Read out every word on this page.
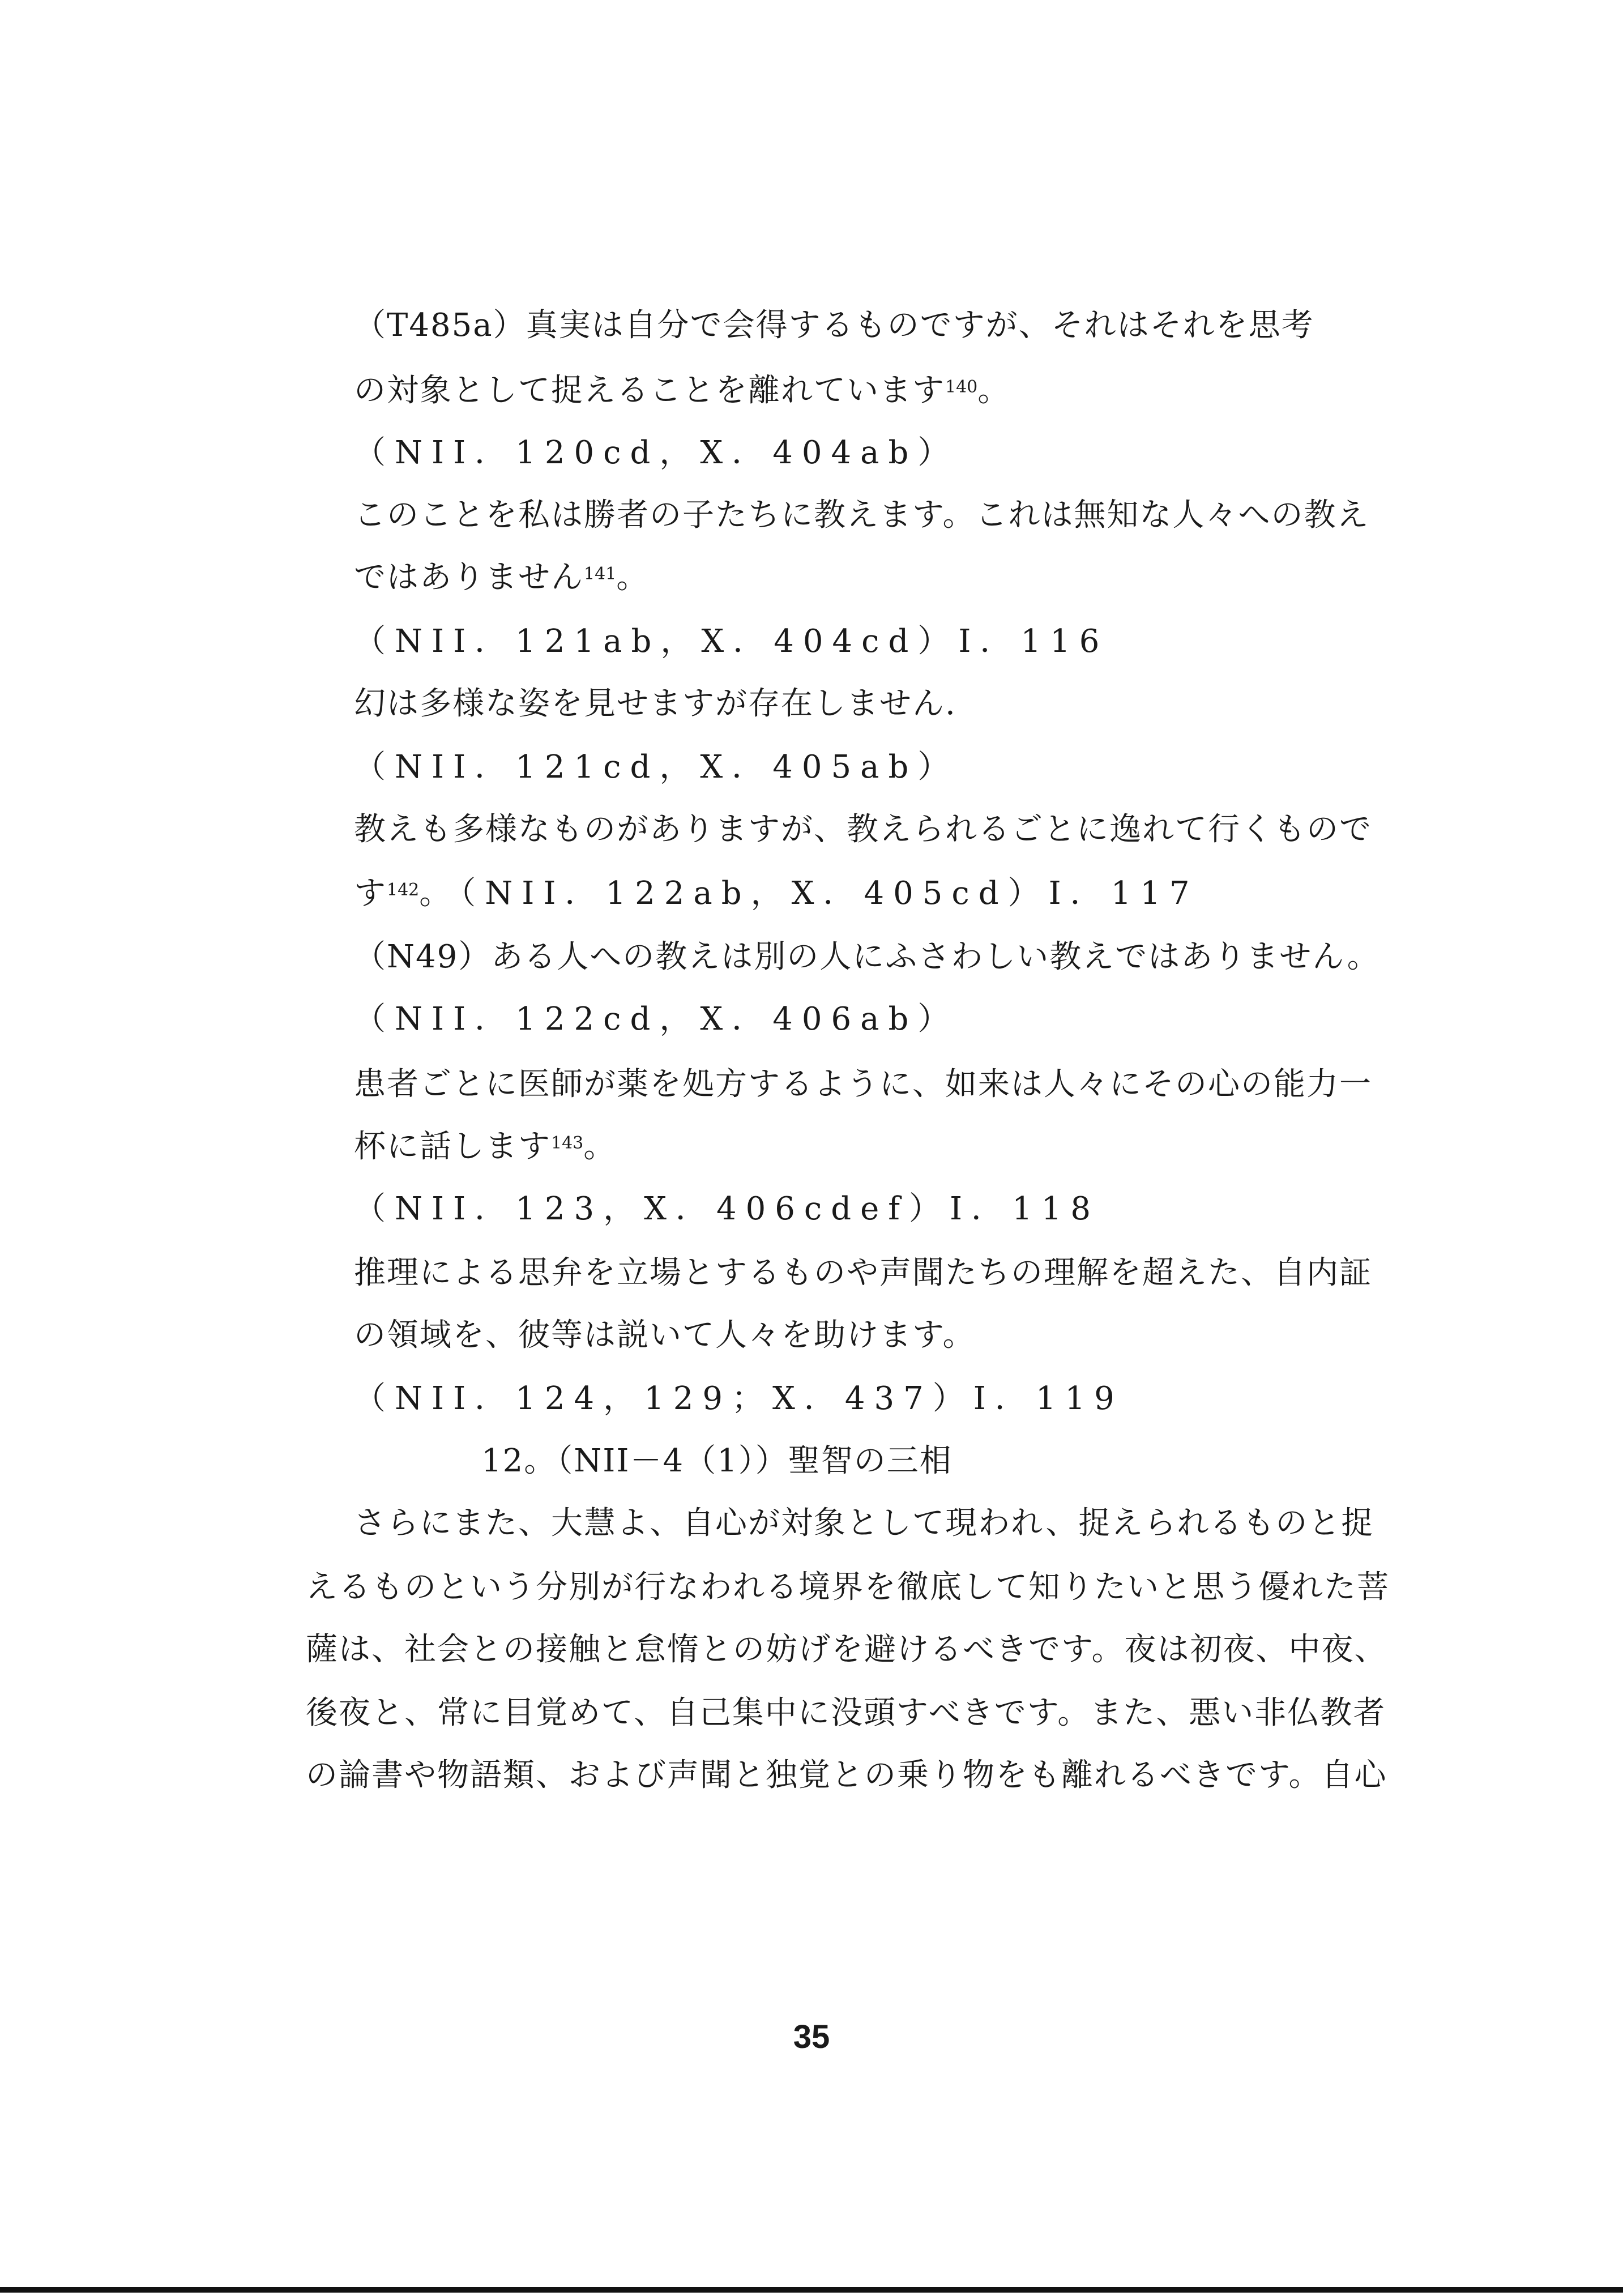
（T485a）真実は自分で会得するものですが、それはそれを思考
の対象として捉えることを離れています$^{140}$。
（NII．120cd，X．404ab）
このことを私は勝者の子たちに教えます。これは無知な人々への教え
ではありません$^{141}$。
（NII．121ab，X．404cd）I．116
幻は多様な姿を見せますが存在しません.
（NII．121cd，X．405ab）
教えも多様なものがありますが、教えられるごとに逸れて行くもので
す$^{142}$。（NII．122ab，X．405cd）I．117
（N49）ある人への教えは別の人にふさわしい教えではありません。
（NII．122cd，X．406ab）
患者ごとに医師が薬を処方するように、如来は人々にその心の能力一
杯に話します$^{143}$。
（NII．123，X．406cdef）I．118
推理による思弁を立場とするものや声聞たちの理解を超えた、自内証
の領域を、彼等は説いて人々を助けます。
（NII．124，129；X．437）I．119
12。（NII－4（1））聖智の三相
さらにまた、大慧よ、自心が対象として現われ、捉えられるものと捉
えるものという分別が行なわれる境界を徹底して知りたいと思う優れた菩
薩は、社会との接触と怠惰との妨げを避けるべきです。夜は初夜、中夜、
後夜と、常に目覚めて、自己集中に没頭すべきです。また、悪い非仏教者
の論書や物語類、および声聞と独覚との乗り物をも離れるべきです。自心
35
